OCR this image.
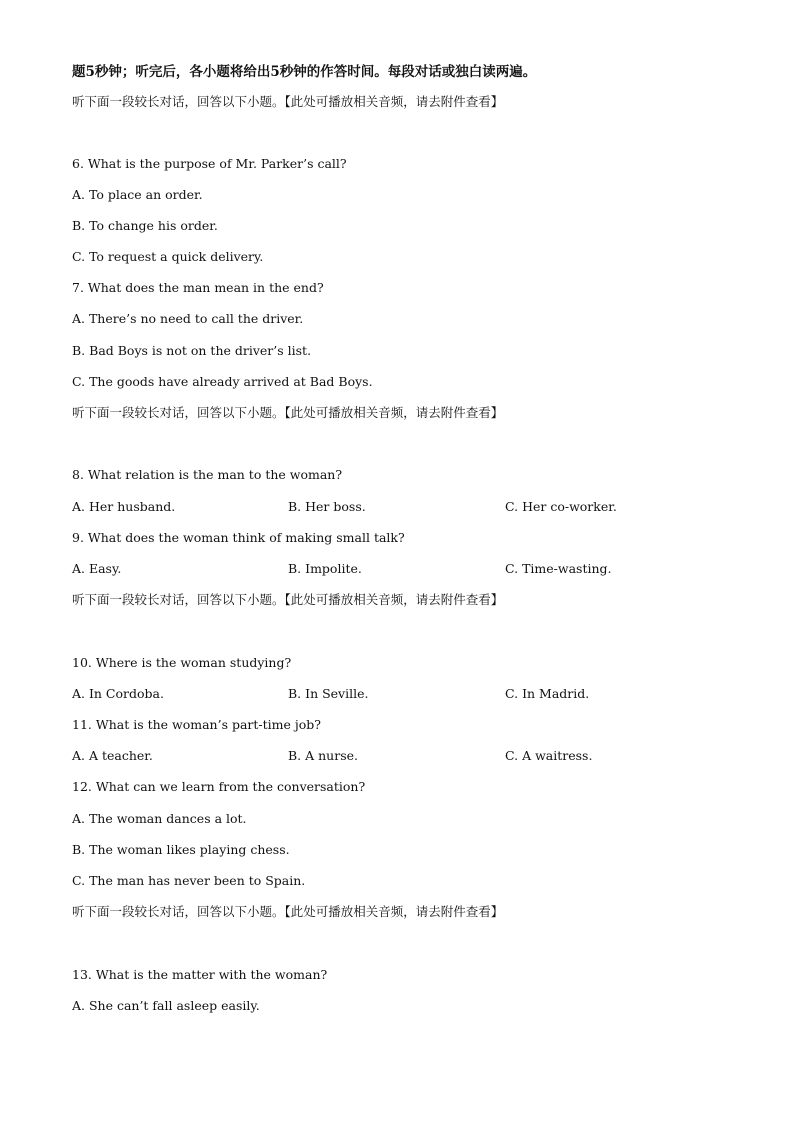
题5秒钟；听完后，各小题将给出5秒钟的作答时间。每段对话或独白读两遍。
听下面一段较长对话，回答以下小题。【此处可播放相关音频，请去附件查看】
6. What is the purpose of Mr. Parker’s call?
A. To place an order.
B. To change his order.
C. To request a quick delivery.
7. What does the man mean in the end?
A. There’s no need to call the driver.
B. Bad Boys is not on the driver’s list.
C. The goods have already arrived at Bad Boys.
听下面一段较长对话，回答以下小题。【此处可播放相关音频，请去附件查看】
8. What relation is the man to the woman?
A. Her husband.	B. Her boss.	C. Her co-worker.
9. What does the woman think of making small talk?
A. Easy.	B. Impolite.	C. Time-wasting.
听下面一段较长对话，回答以下小题。【此处可播放相关音频，请去附件查看】
10. Where is the woman studying?
A. In Cordoba.	B. In Seville.	C. In Madrid.
11. What is the woman’s part-time job?
A. A teacher.	B. A nurse.	C. A waitress.
12. What can we learn from the conversation?
A. The woman dances a lot.
B. The woman likes playing chess.
C. The man has never been to Spain.
听下面一段较长对话，回答以下小题。【此处可播放相关音频，请去附件查看】
13. What is the matter with the woman?
A. She can’t fall asleep easily.
